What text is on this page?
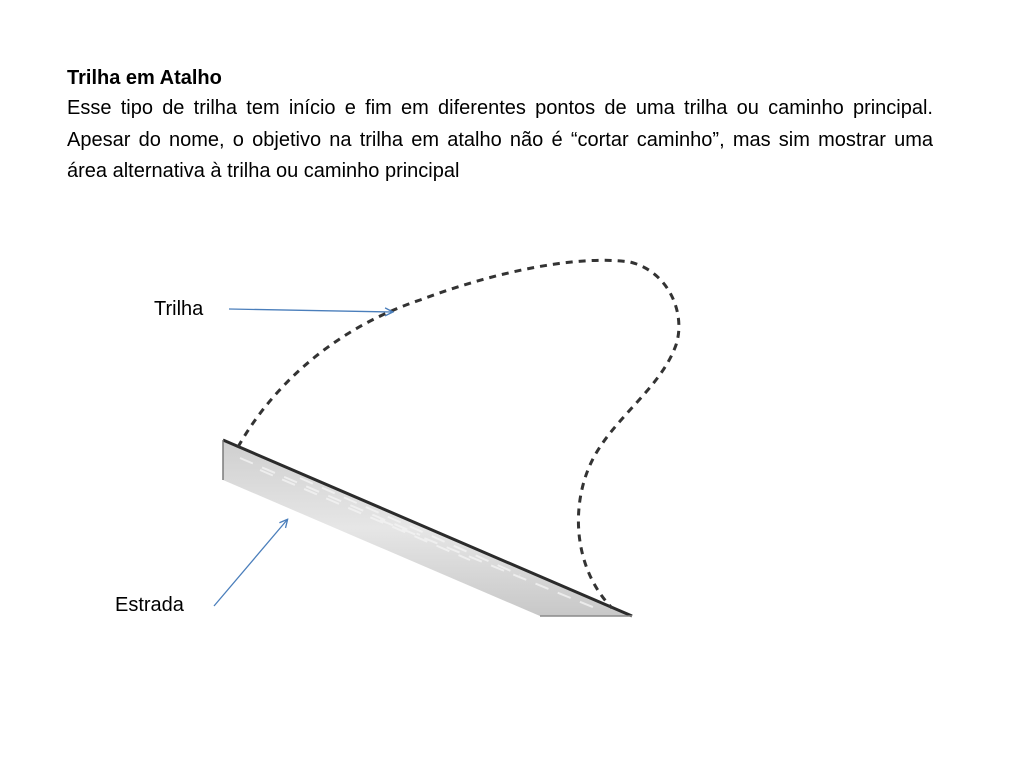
Trilha em Atalho

Esse tipo de trilha tem início e fim em diferentes pontos de uma trilha ou caminho principal. Apesar do nome, o objetivo na trilha em atalho não é “cortar caminho”, mas sim mostrar uma área alternativa à trilha ou caminho principal

Trilha
Estrada
